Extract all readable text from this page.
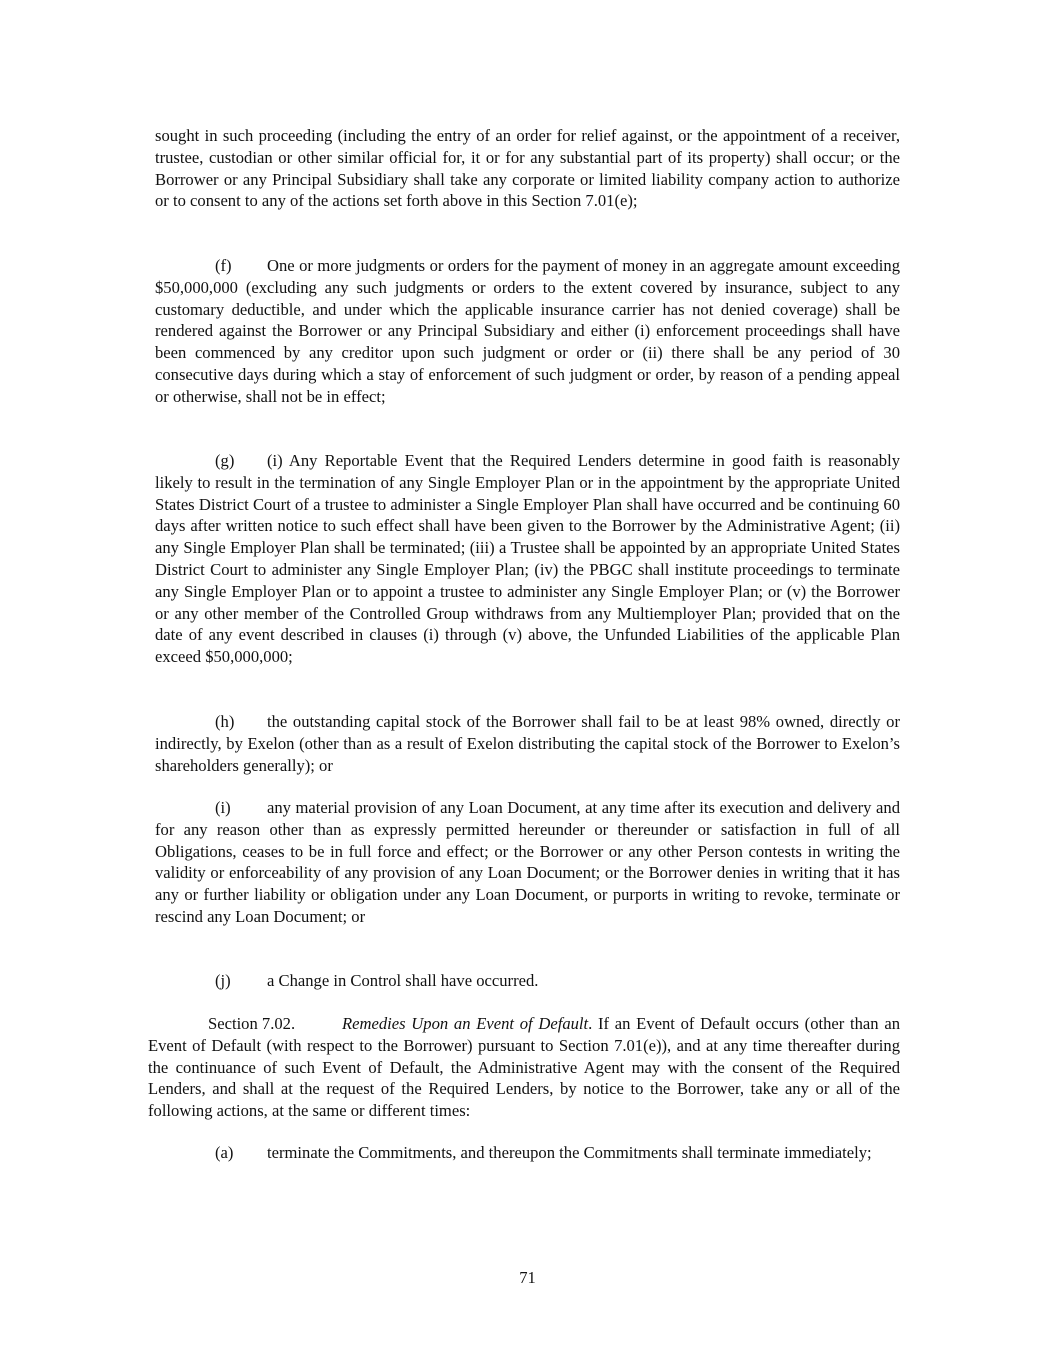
sought in such proceeding (including the entry of an order for relief against, or the appointment of a receiver, trustee, custodian or other similar official for, it or for any substantial part of its property) shall occur; or the Borrower or any Principal Subsidiary shall take any corporate or limited liability company action to authorize or to consent to any of the actions set forth above in this Section 7.01(e);

(f) One or more judgments or orders for the payment of money in an aggregate amount exceeding $50,000,000 (excluding any such judgments or orders to the extent covered by insurance, subject to any customary deductible, and under which the applicable insurance carrier has not denied coverage) shall be rendered against the Borrower or any Principal Subsidiary and either (i) enforcement proceedings shall have been commenced by any creditor upon such judgment or order or (ii) there shall be any period of 30 consecutive days during which a stay of enforcement of such judgment or order, by reason of a pending appeal or otherwise, shall not be in effect;

(g) (i) Any Reportable Event that the Required Lenders determine in good faith is reasonably likely to result in the termination of any Single Employer Plan or in the appointment by the appropriate United States District Court of a trustee to administer a Single Employer Plan shall have occurred and be continuing 60 days after written notice to such effect shall have been given to the Borrower by the Administrative Agent; (ii) any Single Employer Plan shall be terminated; (iii) a Trustee shall be appointed by an appropriate United States District Court to administer any Single Employer Plan; (iv) the PBGC shall institute proceedings to terminate any Single Employer Plan or to appoint a trustee to administer any Single Employer Plan; or (v) the Borrower or any other member of the Controlled Group withdraws from any Multiemployer Plan; provided that on the date of any event described in clauses (i) through (v) above, the Unfunded Liabilities of the applicable Plan exceed $50,000,000;

(h) the outstanding capital stock of the Borrower shall fail to be at least 98% owned, directly or indirectly, by Exelon (other than as a result of Exelon distributing the capital stock of the Borrower to Exelon’s shareholders generally); or

(i) any material provision of any Loan Document, at any time after its execution and delivery and for any reason other than as expressly permitted hereunder or thereunder or satisfaction in full of all Obligations, ceases to be in full force and effect; or the Borrower or any other Person contests in writing the validity or enforceability of any provision of any Loan Document; or the Borrower denies in writing that it has any or further liability or obligation under any Loan Document, or purports in writing to revoke, terminate or rescind any Loan Document; or

(j) a Change in Control shall have occurred.

Section 7.02.	Remedies Upon an Event of Default. If an Event of Default occurs (other than an Event of Default (with respect to the Borrower) pursuant to Section 7.01(e)), and at any time thereafter during the continuance of such Event of Default, the Administrative Agent may with the consent of the Required Lenders, and shall at the request of the Required Lenders, by notice to the Borrower, take any or all of the following actions, at the same or different times:

(a) terminate the Commitments, and thereupon the Commitments shall terminate immediately;

71
